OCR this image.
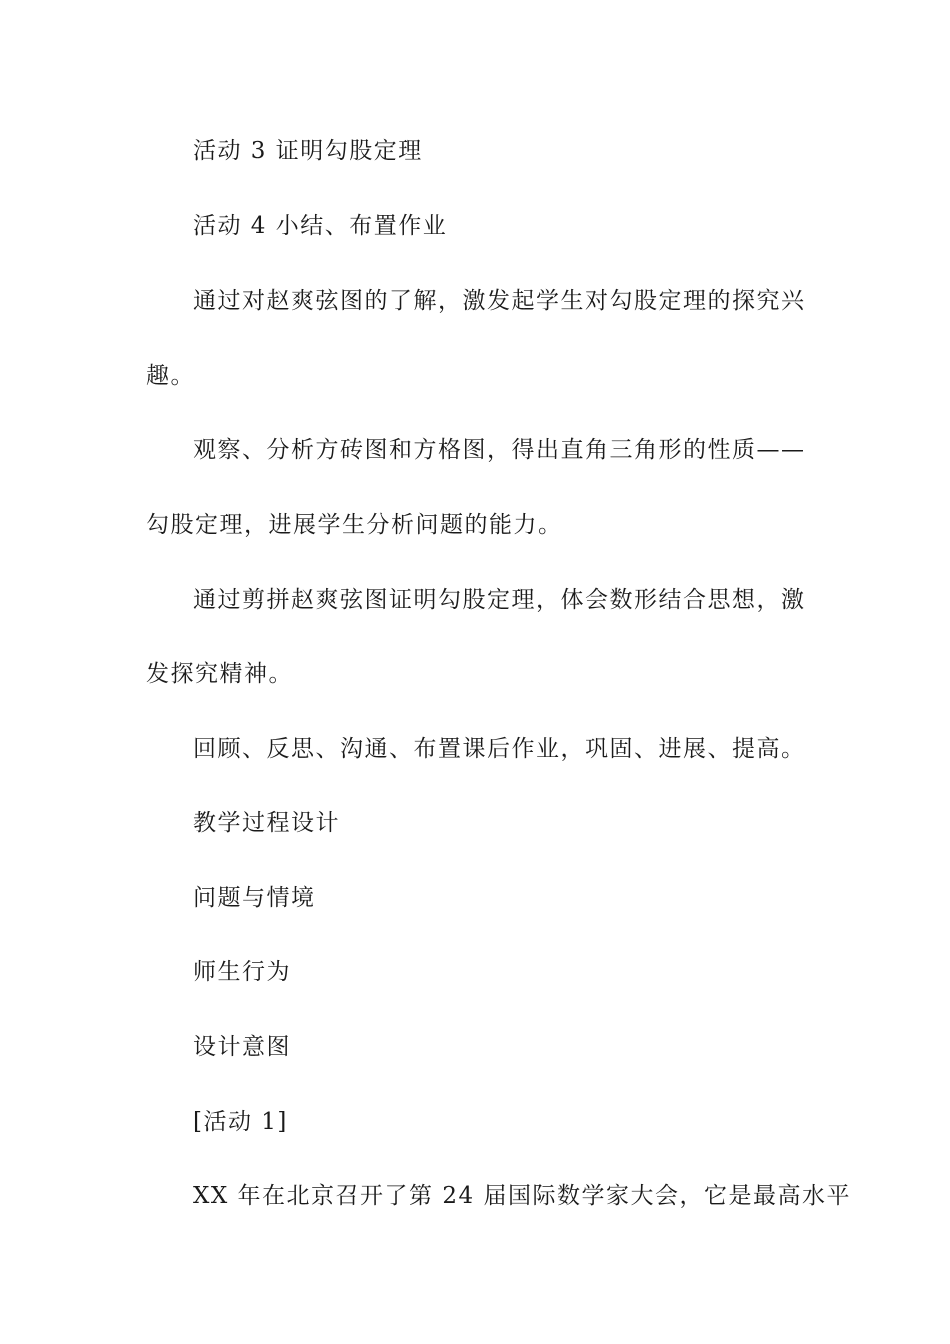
活动 3 证明勾股定理
活动 4 小结、布置作业
通过对赵爽弦图的了解，激发起学生对勾股定理的探究兴
趣。
观察、分析方砖图和方格图，得出直角三角形的性质——
勾股定理，进展学生分析问题的能力。
通过剪拼赵爽弦图证明勾股定理，体会数形结合思想，激
发探究精神。
回顾、反思、沟通、布置课后作业，巩固、进展、提高。
教学过程设计
问题与情境
师生行为
设计意图
[活动 1]
XX 年在北京召开了第 24 届国际数学家大会，它是最高水平
